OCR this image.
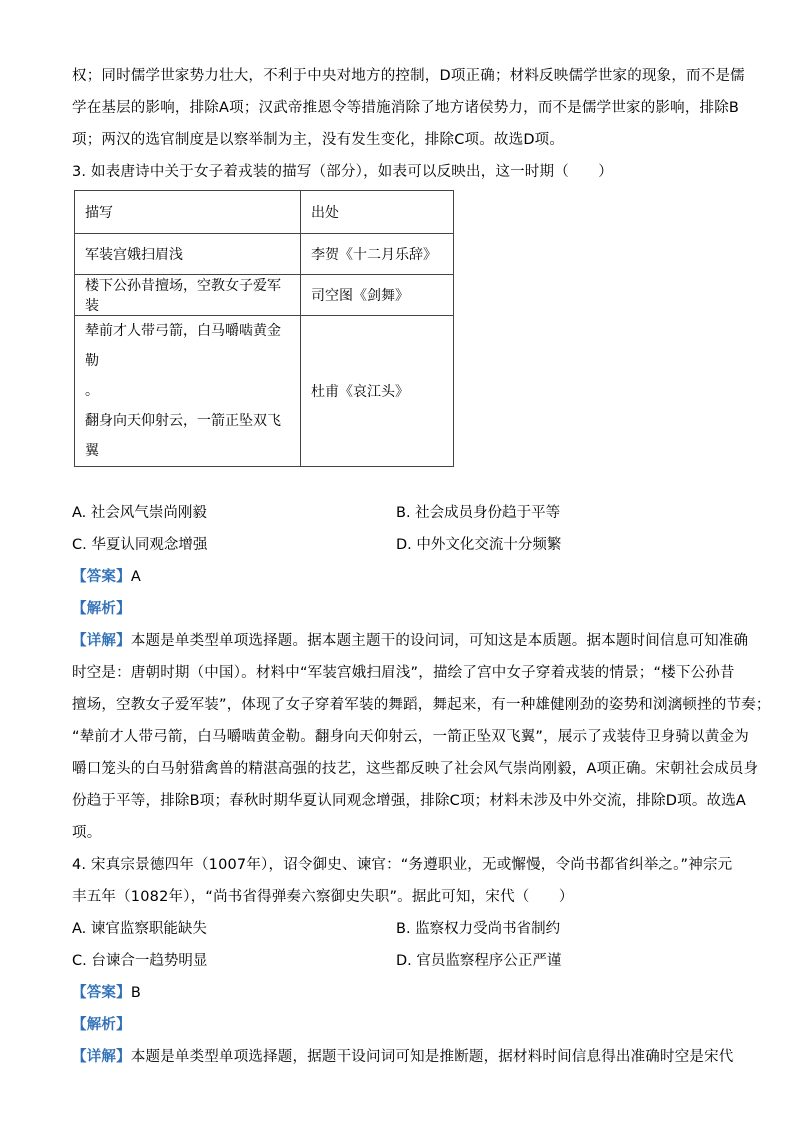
权；同时儒学世家势力壮大，不利于中央对地方的控制，D项正确；材料反映儒学世家的现象，而不是儒
学在基层的影响，排除A项；汉武帝推恩令等措施消除了地方诸侯势力，而不是儒学世家的影响，排除B
项；两汉的选官制度是以察举制为主，没有发生变化，排除C项。故选D项。
3. 如表唐诗中关于女子着戎装的描写（部分），如表可以反映出，这一时期（　　）
描写	出处
军装宫娥扫眉浅	李贺《十二月乐辞》
楼下公孙昔擅场，空教女子爱军装	司空图《剑舞》

辇前才人带弓箭，白马嚼啮黄金勒
。
翻身向天仰射云，一箭正坠双飞翼	杜甫《哀江头》
A. 社会风气崇尚刚毅	B. 社会成员身份趋于平等
C. 华夏认同观念增强	D. 中外文化交流十分频繁
【答案】A
【解析】
【详解】本题是单类型单项选择题。据本题主题干的设问词，可知这是本质题。据本题时间信息可知准确
时空是：唐朝时期（中国）。材料中“军装宫娥扫眉浅”，描绘了宫中女子穿着戎装的情景；“楼下公孙昔
擅场，空教女子爱军装”，体现了女子穿着军装的舞蹈，舞起来，有一种雄健刚劲的姿势和浏漓顿挫的节奏；
“辇前才人带弓箭，白马嚼啮黄金勒。翻身向天仰射云，一箭正坠双飞翼”，展示了戎装侍卫身骑以黄金为
嚼口笼头的白马射猎禽兽的精湛高强的技艺，这些都反映了社会风气崇尚刚毅，A项正确。宋朝社会成员身
份趋于平等，排除B项；春秋时期华夏认同观念增强，排除C项；材料未涉及中外交流，排除D项。故选A
项。
4. 宋真宗景德四年（1007年），诏令御史、谏官：“务遵职业，无或懈慢，令尚书都省纠举之。”神宗元
丰五年（1082年），“尚书省得弹奏六察御史失职”。据此可知，宋代（　　）
A. 谏官监察职能缺失	B. 监察权力受尚书省制约
C. 台谏合一趋势明显	D. 官员监察程序公正严谨
【答案】B
【解析】
【详解】本题是单类型单项选择题，据题干设问词可知是推断题，据材料时间信息得出准确时空是宋代
